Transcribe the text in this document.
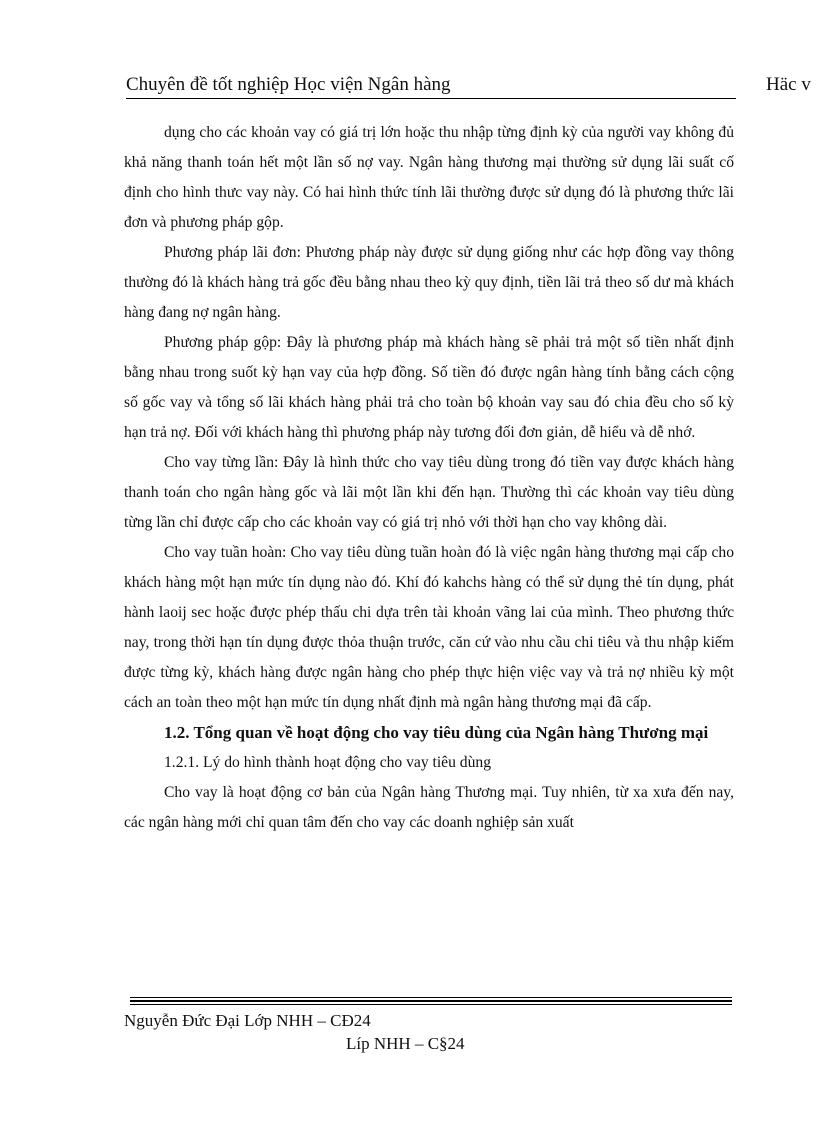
Chuyên đề tốt nghiệp Học viện Ngân hàng	Häc v

dụng cho các khoản vay có giá trị lớn hoặc thu nhập từng định kỳ của người vay không đủ khả năng thanh toán hết một lần số nợ vay. Ngân hàng thương mại thường sử dụng lãi suất cố định cho hình thưc vay này. Có hai hình thức tính lãi thường được sử dụng đó là phương thức lãi đơn và phương pháp gộp.

Phương pháp lãi đơn: Phương pháp này được sử dụng giống như các hợp đồng vay thông thường đó là khách hàng trả gốc đều bằng nhau theo kỳ quy định, tiền lãi trả theo số dư mà khách hàng đang nợ ngân hàng.

Phương pháp gộp: Đây là phương pháp mà khách hàng sẽ phải trả một số tiền nhất định bằng nhau trong suốt kỳ hạn vay của hợp đồng. Số tiền đó được ngân hàng tính bằng cách cộng số gốc vay và tổng số lãi khách hàng phải trả cho toàn bộ khoản vay sau đó chia đều cho số kỳ hạn trả nợ. Đối với khách hàng thì phương pháp này tương đối đơn giản, dễ hiểu và dễ nhớ.

Cho vay từng lần: Đây là hình thức cho vay tiêu dùng trong đó tiền vay được khách hàng thanh toán cho ngân hàng gốc và lãi một lần khi đến hạn. Thường thì các khoản vay tiêu dùng từng lần chỉ được cấp cho các khoản vay có giá trị nhỏ với thời hạn cho vay không dài.

Cho vay tuần hoàn: Cho vay tiêu dùng tuần hoàn đó là việc ngân hàng thương mại cấp cho khách hàng một hạn mức tín dụng nào đó. Khí đó kahchs hàng có thể sử dụng thẻ tín dụng, phát hành laoij sec hoặc được phép thấu chi dựa trên tài khoản vãng lai của mình. Theo phương thức nay, trong thời hạn tín dụng được thỏa thuận trước, căn cứ vào nhu cầu chi tiêu và thu nhập kiếm được từng kỳ, khách hàng được ngân hàng cho phép thực hiện việc vay và trả nợ nhiều kỳ một cách an toàn theo một hạn mức tín dụng nhất định mà ngân hàng thương mại đã cấp.

1.2. Tổng quan về hoạt động cho vay tiêu dùng của Ngân hàng Thương mại

1.2.1. Lý do hình thành hoạt động cho vay tiêu dùng

Cho vay là hoạt động cơ bản của Ngân hàng Thương mại. Tuy nhiên, từ xa xưa đến nay, các ngân hàng mới chỉ quan tâm đến cho vay các doanh nghiệp sản xuất

Nguyễn Đức Đại Lớp NHH – CĐ24
Líp NHH – C§24
